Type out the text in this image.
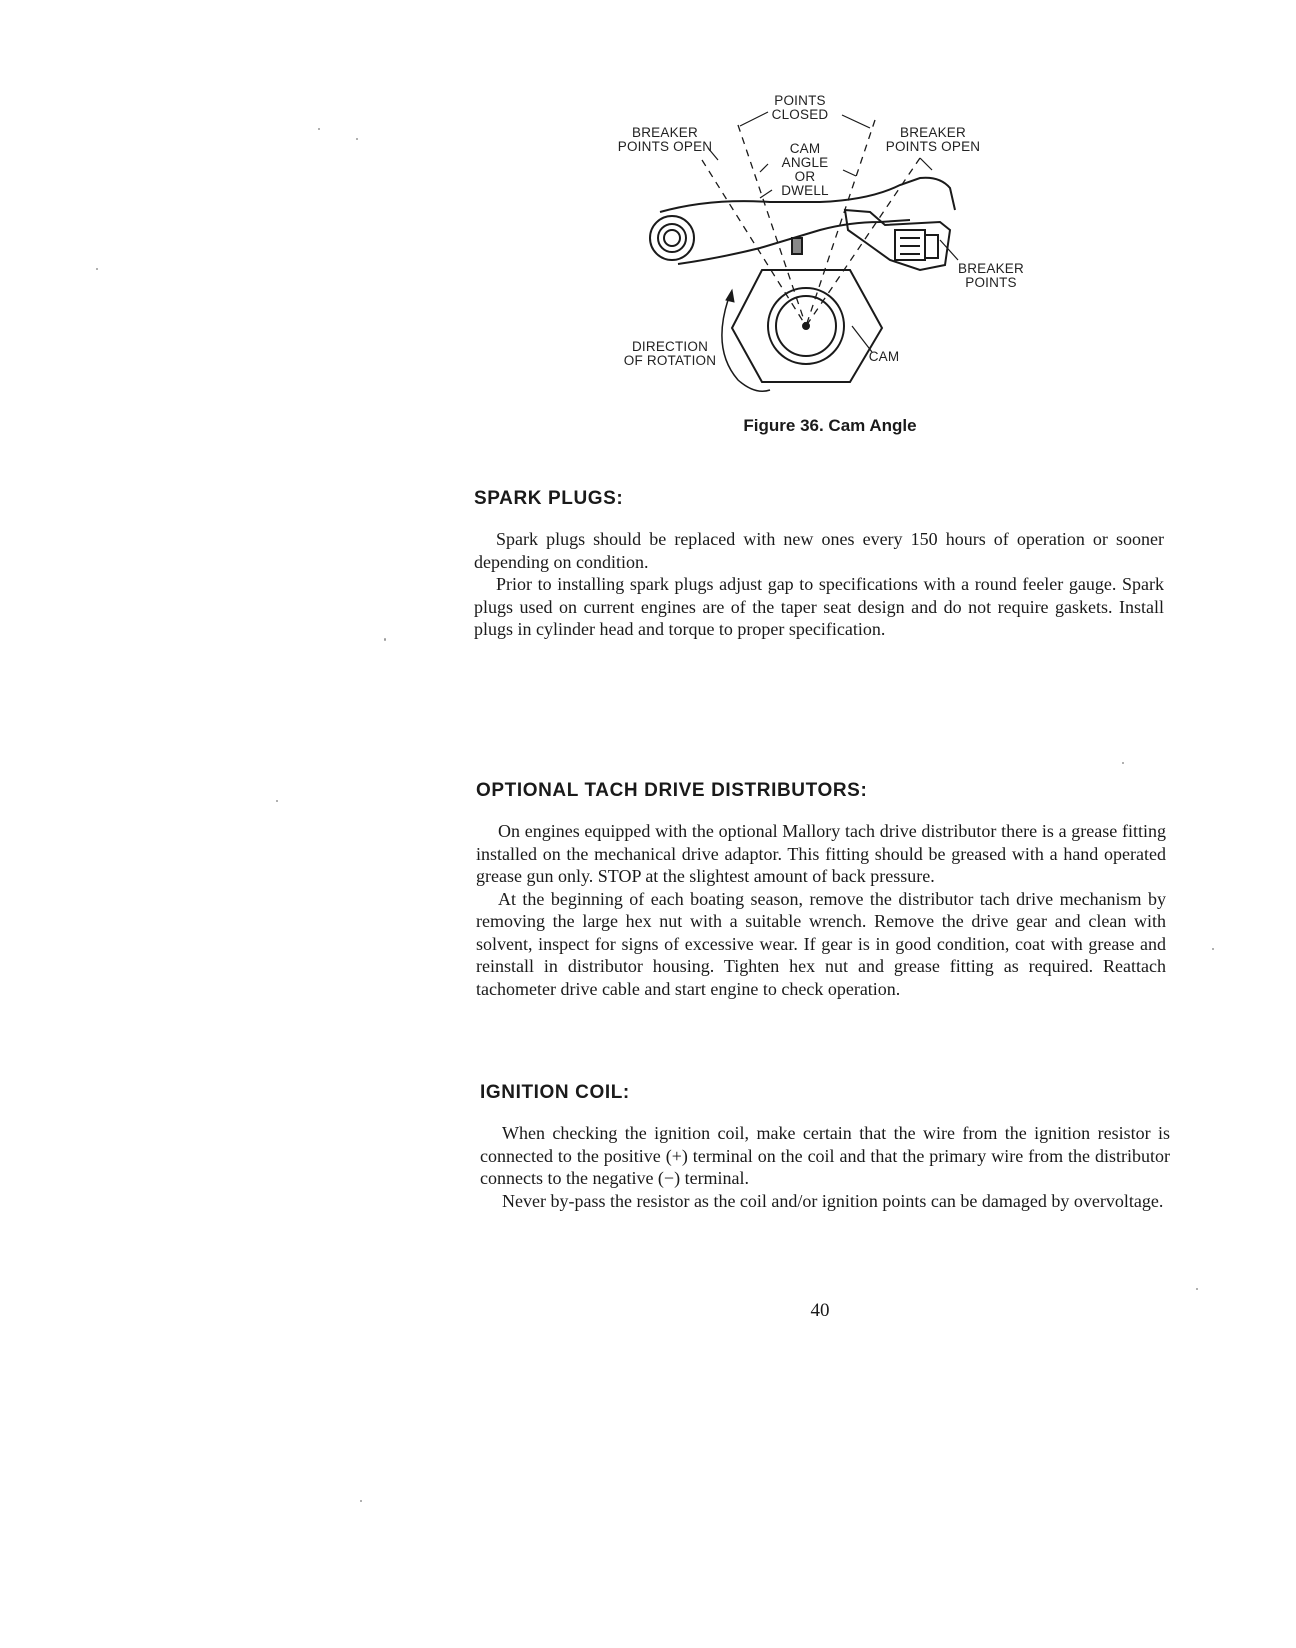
POINTS
CLOSED
BREAKER
POINTS OPEN
BREAKER
POINTS OPEN
CAM
ANGLE
OR
DWELL
BREAKER
POINTS
DIRECTION
OF ROTATION	CAM
Figure 36. Cam Angle
SPARK PLUGS:

Spark plugs should be replaced with new ones every 150 hours of operation or sooner depending on condition.

Prior to installing spark plugs adjust gap to specifications with a round feeler gauge. Spark plugs used on current engines are of the taper seat design and do not require gaskets. Install plugs in cylinder head and torque to proper specification.

OPTIONAL TACH DRIVE DISTRIBUTORS:

On engines equipped with the optional Mallory tach drive distributor there is a grease fitting installed on the mechanical drive adaptor. This fitting should be greased with a hand operated grease gun only. STOP at the slightest amount of back pressure.

At the beginning of each boating season, remove the distributor tach drive mechanism by removing the large hex nut with a suitable wrench. Remove the drive gear and clean with solvent, inspect for signs of excessive wear. If gear is in good condition, coat with grease and reinstall in distributor housing. Tighten hex nut and grease fitting as required. Reattach tachometer drive cable and start engine to check operation.

IGNITION COIL:

When checking the ignition coil, make certain that the wire from the ignition resistor is connected to the positive (+) terminal on the coil and that the primary wire from the distributor connects to the negative (−) terminal.

Never by-pass the resistor as the coil and/or ignition points can be damaged by overvoltage.

40
